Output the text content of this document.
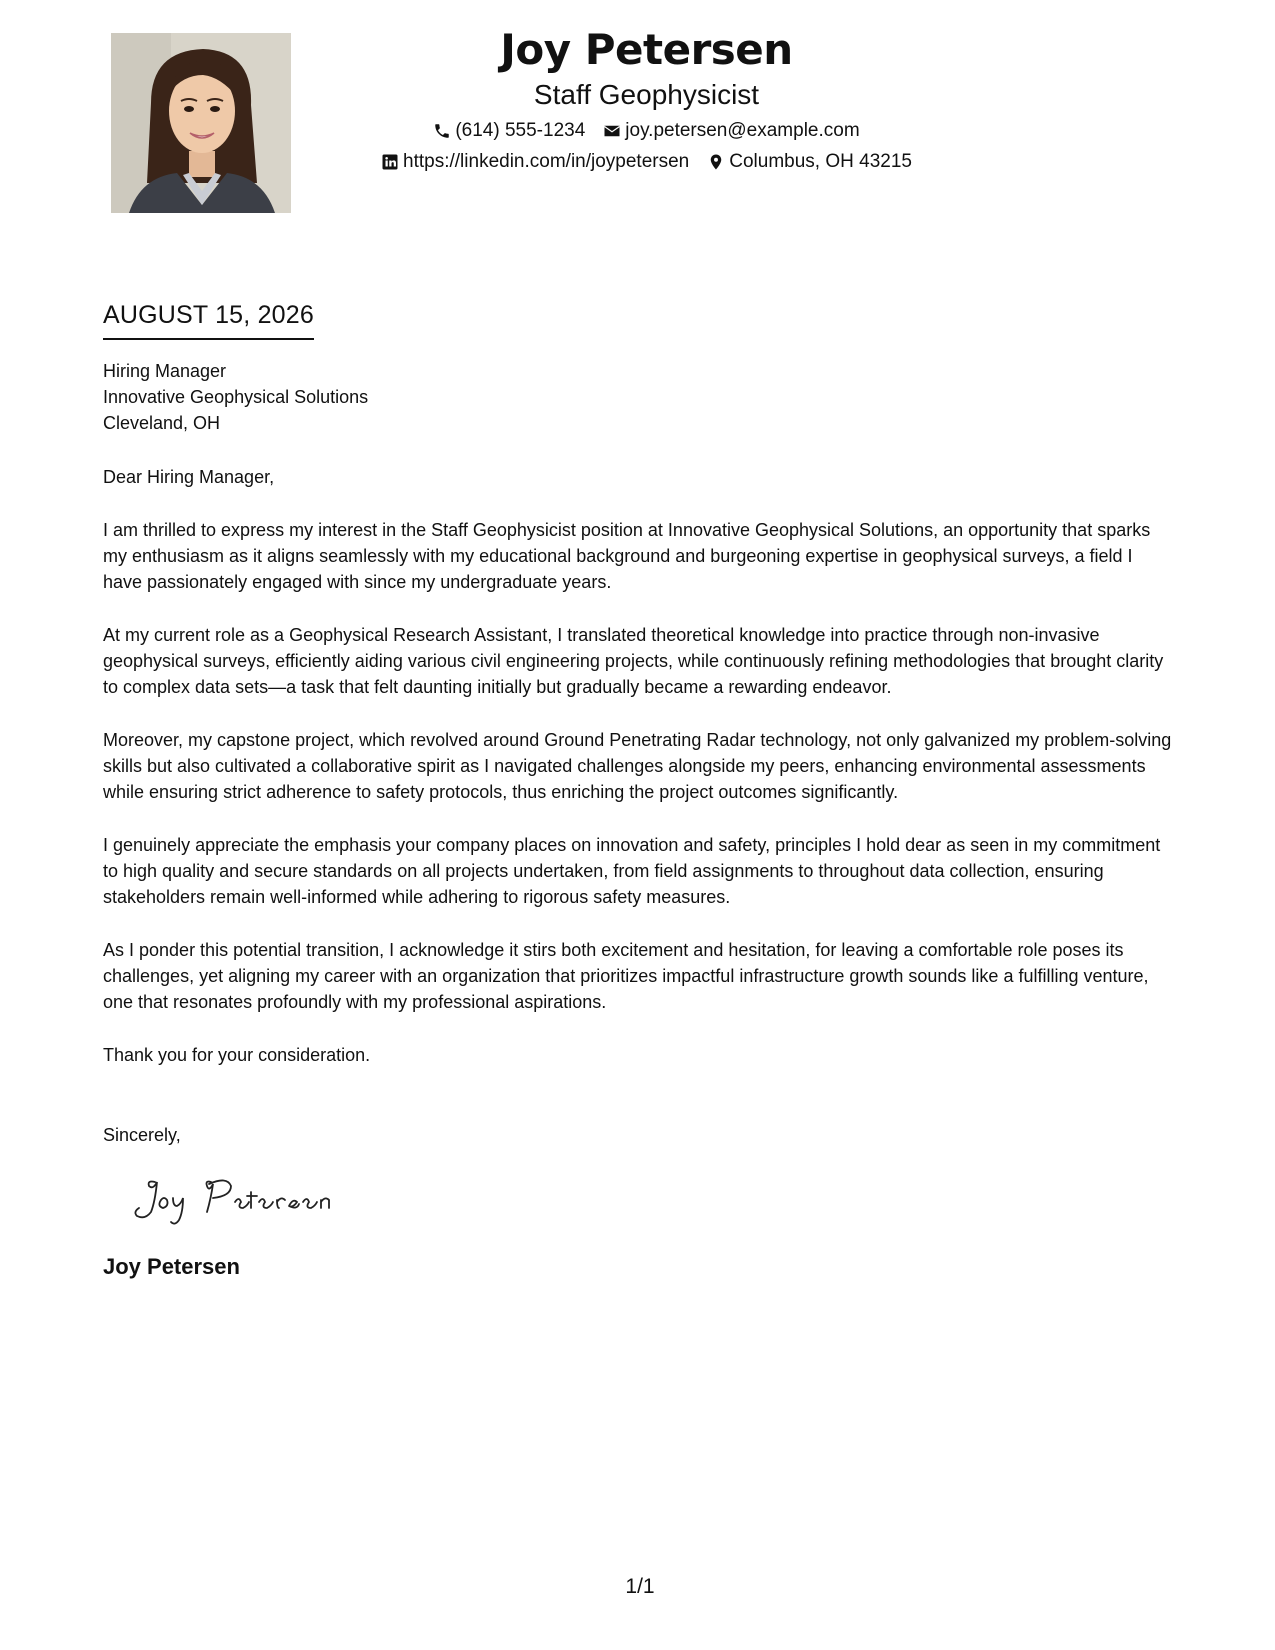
Joy Petersen
Staff Geophysicist
(614) 555-1234 joy.petersen@example.com
https://linkedin.com/in/joypetersen Columbus, OH 43215
AUGUST 15, 2026
Hiring Manager
Innovative Geophysical Solutions
Cleveland, OH
Dear Hiring Manager,
I am thrilled to express my interest in the Staff Geophysicist position at Innovative Geophysical Solutions, an opportunity that sparks my enthusiasm as it aligns seamlessly with my educational background and burgeoning expertise in geophysical surveys, a field I have passionately engaged with since my undergraduate years.
At my current role as a Geophysical Research Assistant, I translated theoretical knowledge into practice through non-invasive geophysical surveys, efficiently aiding various civil engineering projects, while continuously refining methodologies that brought clarity to complex data sets—a task that felt daunting initially but gradually became a rewarding endeavor.
Moreover, my capstone project, which revolved around Ground Penetrating Radar technology, not only galvanized my problem-solving skills but also cultivated a collaborative spirit as I navigated challenges alongside my peers, enhancing environmental assessments while ensuring strict adherence to safety protocols, thus enriching the project outcomes significantly.
I genuinely appreciate the emphasis your company places on innovation and safety, principles I hold dear as seen in my commitment to high quality and secure standards on all projects undertaken, from field assignments to throughout data collection, ensuring stakeholders remain well-informed while adhering to rigorous safety measures.
As I ponder this potential transition, I acknowledge it stirs both excitement and hesitation, for leaving a comfortable role poses its challenges, yet aligning my career with an organization that prioritizes impactful infrastructure growth sounds like a fulfilling venture, one that resonates profoundly with my professional aspirations.
Thank you for your consideration.
Sincerely,
Joy Petersen
1/1
